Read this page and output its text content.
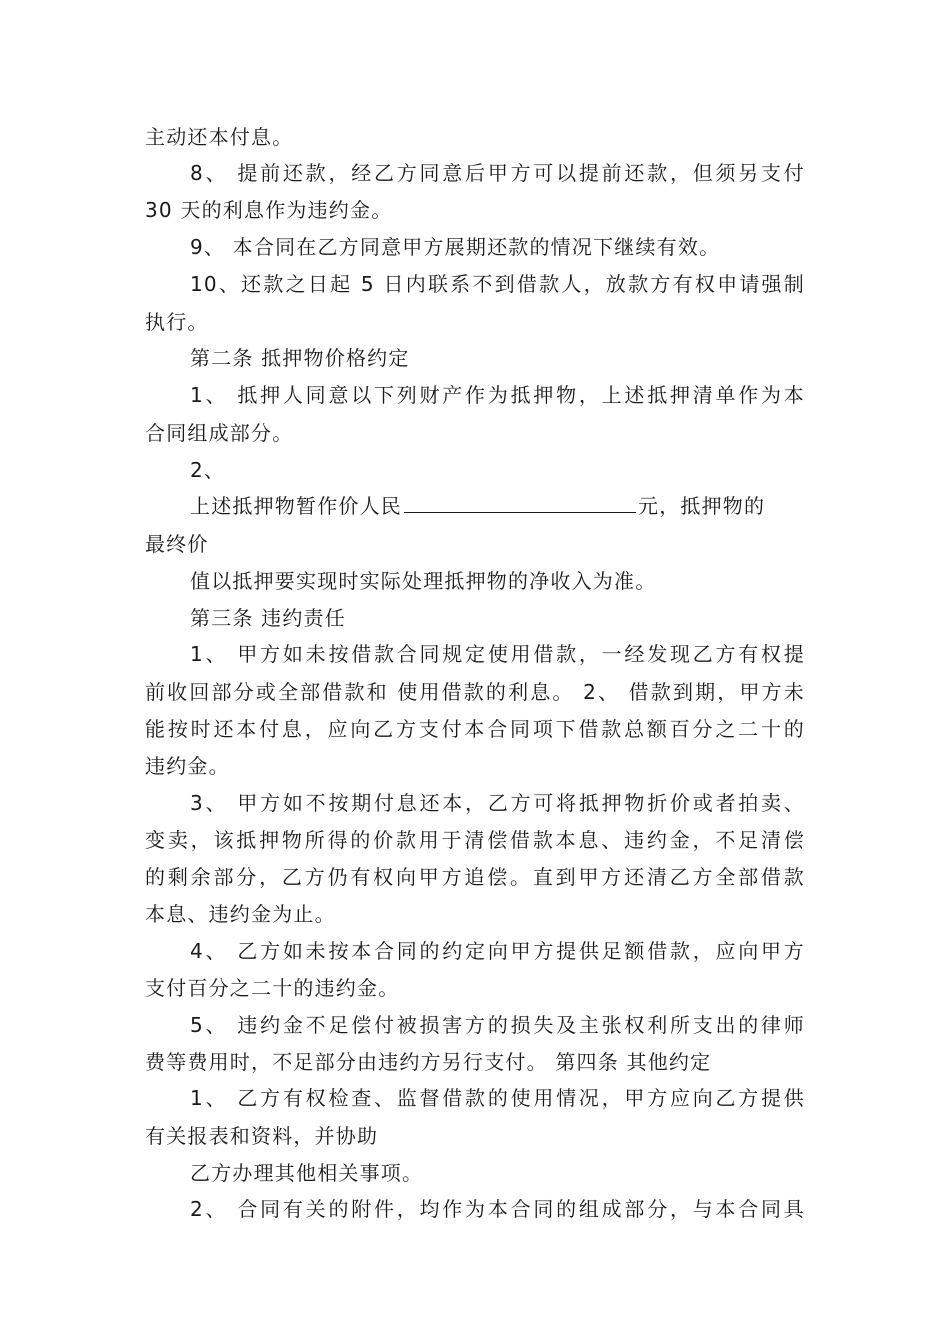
主动还本付息。
8、 提前还款，经乙方同意后甲方可以提前还款，但须另支付
30 天的利息作为违约金。
9、 本合同在乙方同意甲方展期还款的情况下继续有效。
10、还款之日起 5 日内联系不到借款人，放款方有权申请强制
执行。
第二条 抵押物价格约定
1、 抵押人同意以下列财产作为抵押物，上述抵押清单作为本
合同组成部分。
2、
上述抵押物暂作价人民	元，抵押物的
最终价
值以抵押要实现时实际处理抵押物的净收入为准。
第三条 违约责任
1、 甲方如未按借款合同规定使用借款，一经发现乙方有权提
前收回部分或全部借款和 使用借款的利息。 2、 借款到期，甲方未
能按时还本付息，应向乙方支付本合同项下借款总额百分之二十的
违约金。
3、 甲方如不按期付息还本，乙方可将抵押物折价或者拍卖、
变卖，该抵押物所得的价款用于清偿借款本息、违约金，不足清偿
的剩余部分，乙方仍有权向甲方追偿。直到甲方还清乙方全部借款
本息、违约金为止。
4、 乙方如未按本合同的约定向甲方提供足额借款，应向甲方
支付百分之二十的违约金。
5、 违约金不足偿付被损害方的损失及主张权利所支出的律师
费等费用时，不足部分由违约方另行支付。 第四条 其他约定
1、 乙方有权检查、监督借款的使用情况，甲方应向乙方提供
有关报表和资料，并协助
乙方办理其他相关事项。
2、 合同有关的附件，均作为本合同的组成部分，与本合同具
